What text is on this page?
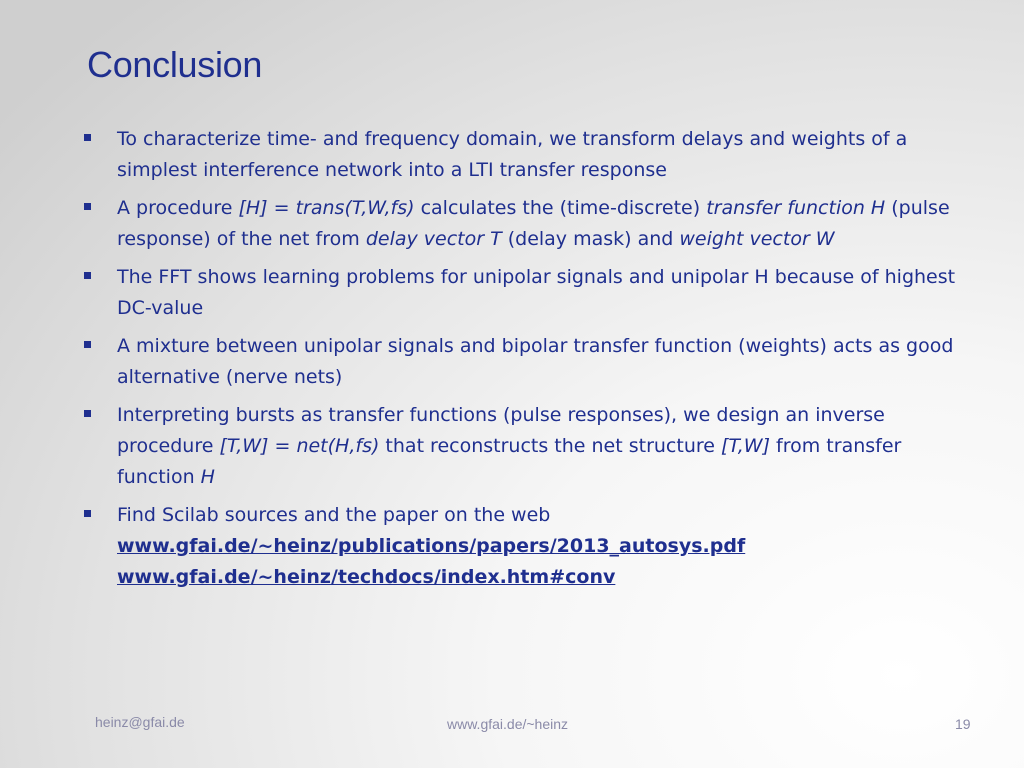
Conclusion
To characterize time- and frequency domain, we transform delays and weights of a simplest interference network into a LTI transfer response
A procedure [H] = trans(T,W,fs) calculates the (time-discrete) transfer function H (pulse response) of the net from delay vector T (delay mask) and weight vector W
The FFT shows learning problems for unipolar signals and unipolar H because of highest DC-value
A mixture between unipolar signals and bipolar transfer function (weights) acts as good alternative (nerve nets)
Interpreting bursts as transfer functions (pulse responses), we design an inverse procedure [T,W] = net(H,fs) that reconstructs the net structure [T,W] from transfer function H
Find Scilab sources and the paper on the web
www.gfai.de/~heinz/publications/papers/2013_autosys.pdf
www.gfai.de/~heinz/techdocs/index.htm#conv
heinz@gfai.de	www.gfai.de/~heinz	19
